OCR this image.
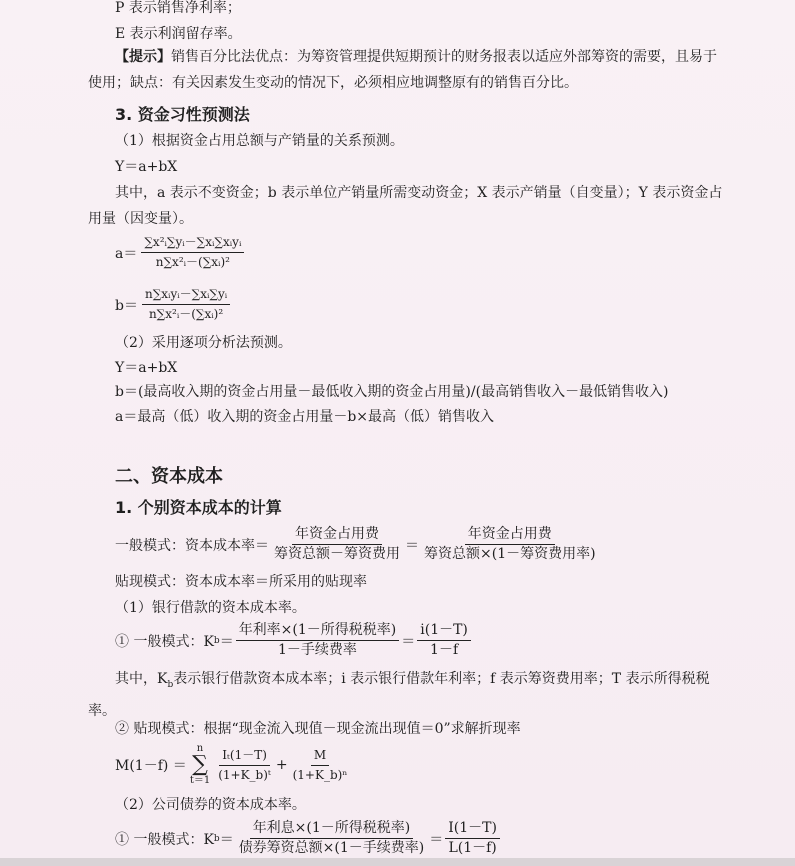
P 表示销售净利率；
E 表示利润留存率。
【提示】销售百分比法优点：为筹资管理提供短期预计的财务报表以适应外部筹资的需要，且易于使用；缺点：有关因素发生变动的情况下，必须相应地调整原有的销售百分比。
3. 资金习性预测法
（1）根据资金占用总额与产销量的关系预测。
Y＝a+bX
其中，a 表示不变资金；b 表示单位产销量所需变动资金；X 表示产销量（自变量）；Y 表示资金占用量（因变量）。
$a= \frac{\text{∑x²ᵢ∑yᵢ－∑xᵢ∑xᵢyᵢ}}{\text{n∑x²ᵢ－(∑xᵢ)²}}$
$b= \frac{\text{n∑xᵢyᵢ－∑xᵢ∑yᵢ}}{\text{n∑x²ᵢ－(∑xᵢ)²}}$
（2）采用逐项分析法预测。
Y＝a+bX
b＝(最高收入期的资金占用量－最低收入期的资金占用量)/(最高销售收入－最低销售收入)
a＝最高（低）收入期的资金占用量－b×最高（低）销售收入
二、资本成本
1. 个别资本成本的计算
一般模式：资本成本率＝ $\frac{\text{年资金占用费}}{\text{筹资总额－筹资费用}} = \frac{\text{年资金占用费}}{\text{筹资总额×(1－筹资费用率)}}$
贴现模式：资本成本率＝所采用的贴现率
（1）银行借款的资本成本率。
① 一般模式：K $b = \frac{\text{年利率×(1－所得税税率)}}{\text{1－手续费率}} = \frac{i(1-T)}{1-f}$
其中，$K_b$表示银行借款资本成本率；i 表示银行借款年利率；f 表示筹资费用率；T 表示所得税税率。
② 贴现模式：根据“现金流入现值－现金流出现值＝0”求解折现率
M(1－f) ＝
n
∑
$t=1 \frac{\text{Iₜ(1－T)}}{\text{(1+K\_b)ᵗ}} + \frac{M}{\text{(1+K\_b)ⁿ}}$
（2）公司债券的资本成本率。
① 一般模式：K $b = \frac{\text{年利息×(1－所得税税率)}}{\text{债券筹资总额×(1－手续费率)}} = \frac{I(1-T)}{L(1-f)}$
